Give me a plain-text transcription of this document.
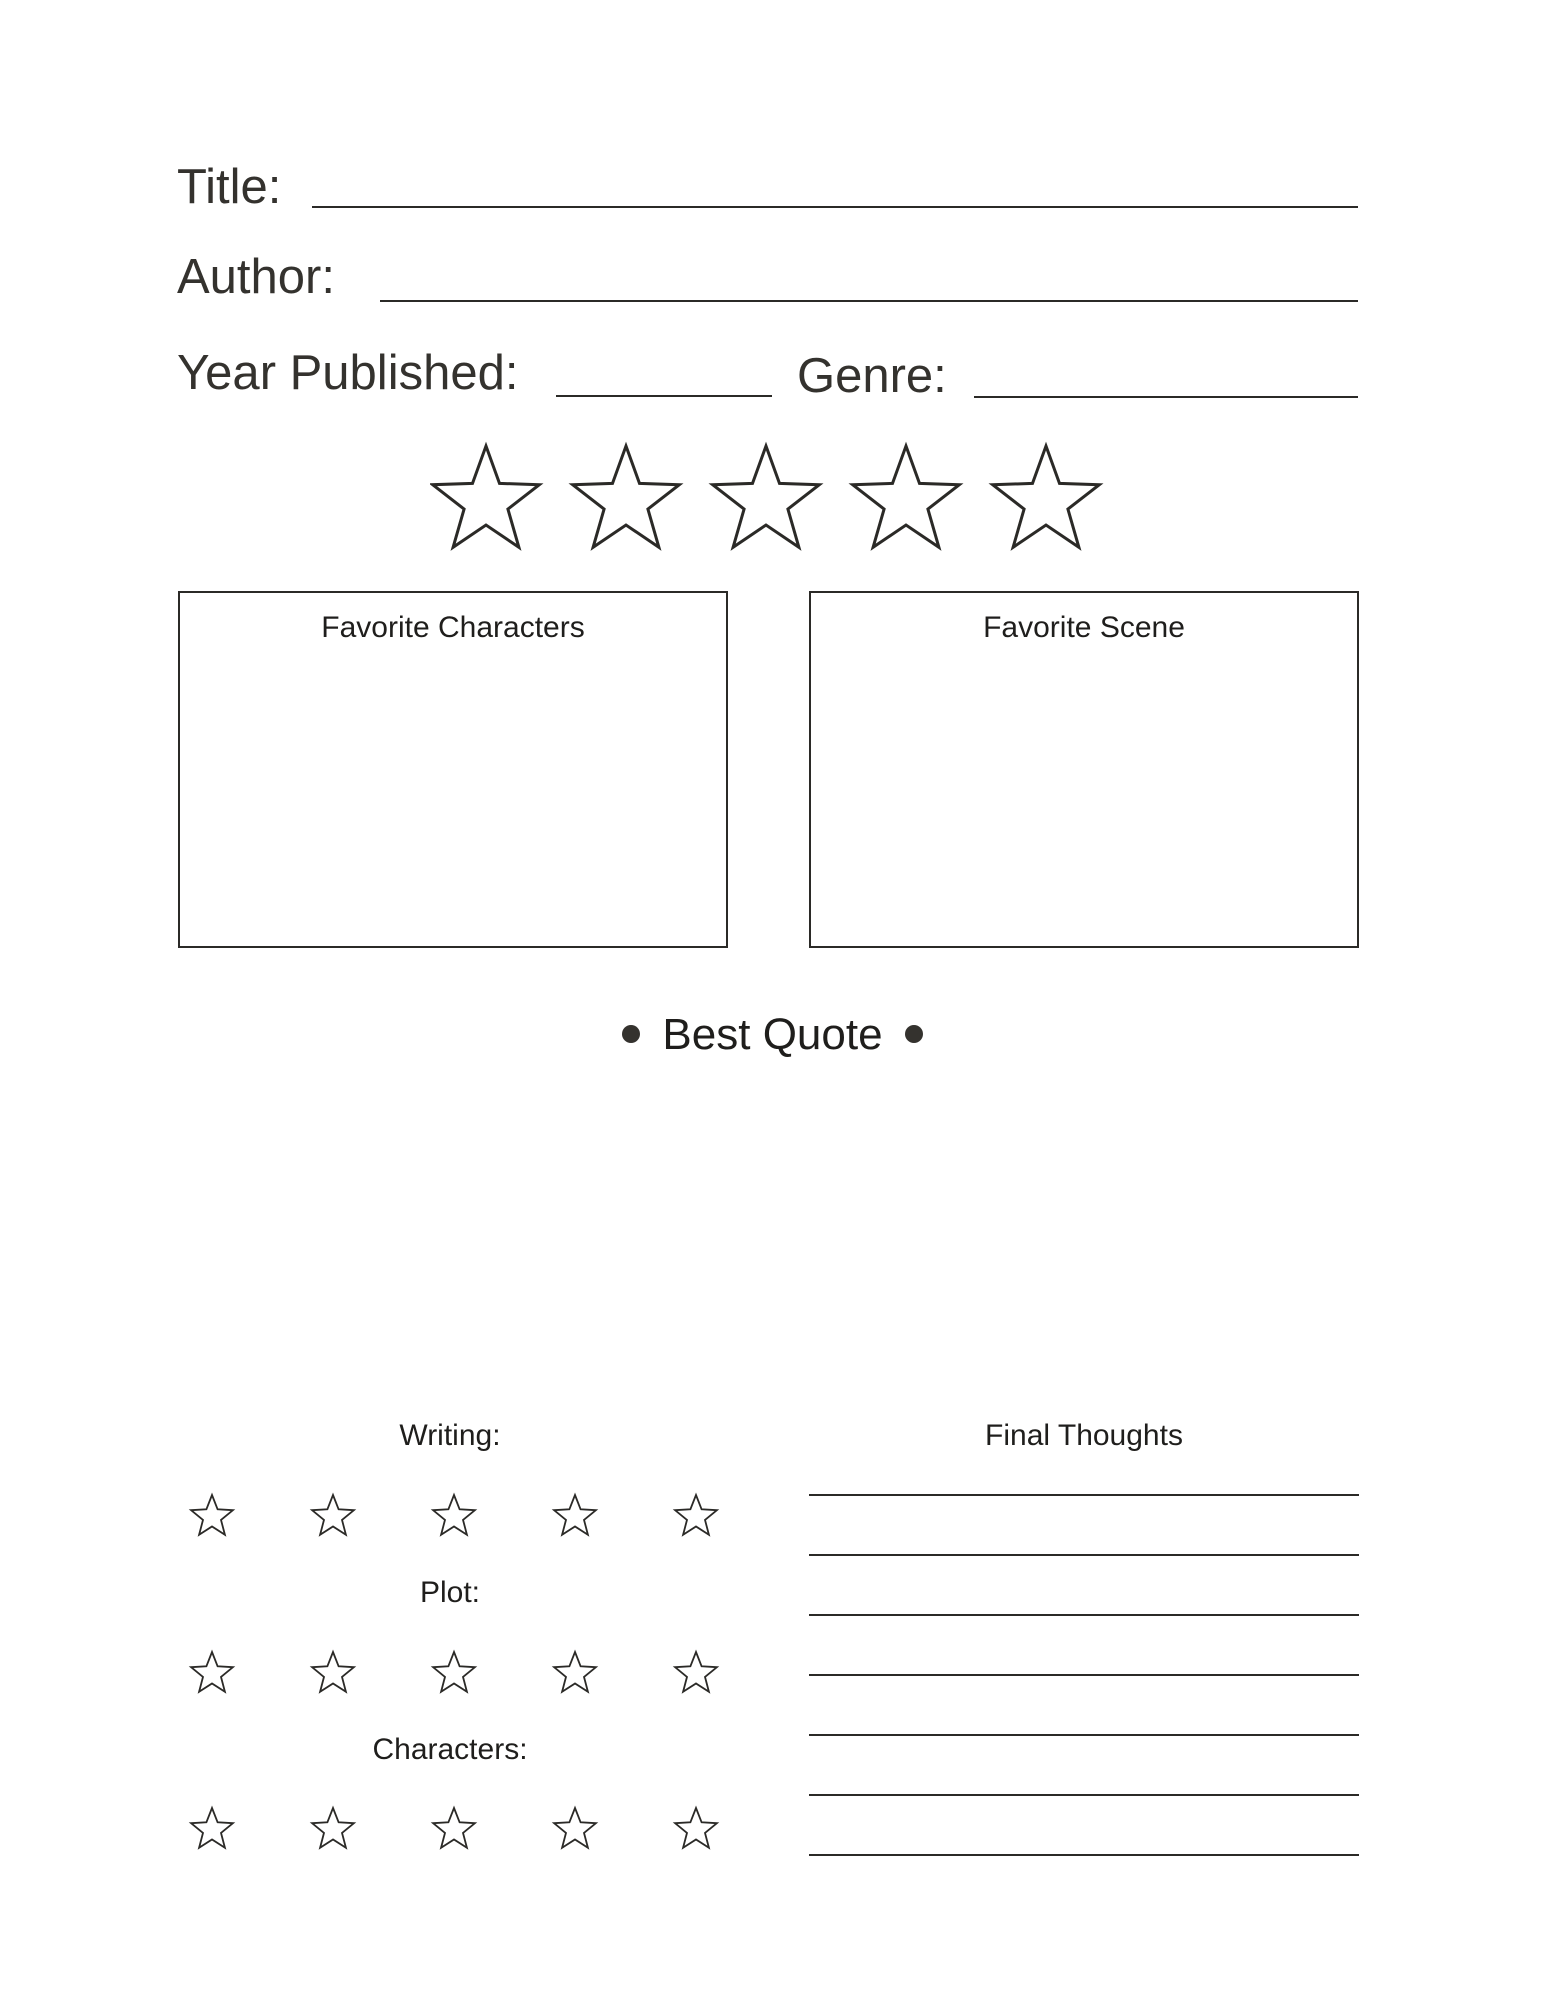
Title:
Author:
Year Published:	Genre:
Favorite Characters	Favorite Scene
Best Quote
Writing:
Plot:
Characters:
Final Thoughts
